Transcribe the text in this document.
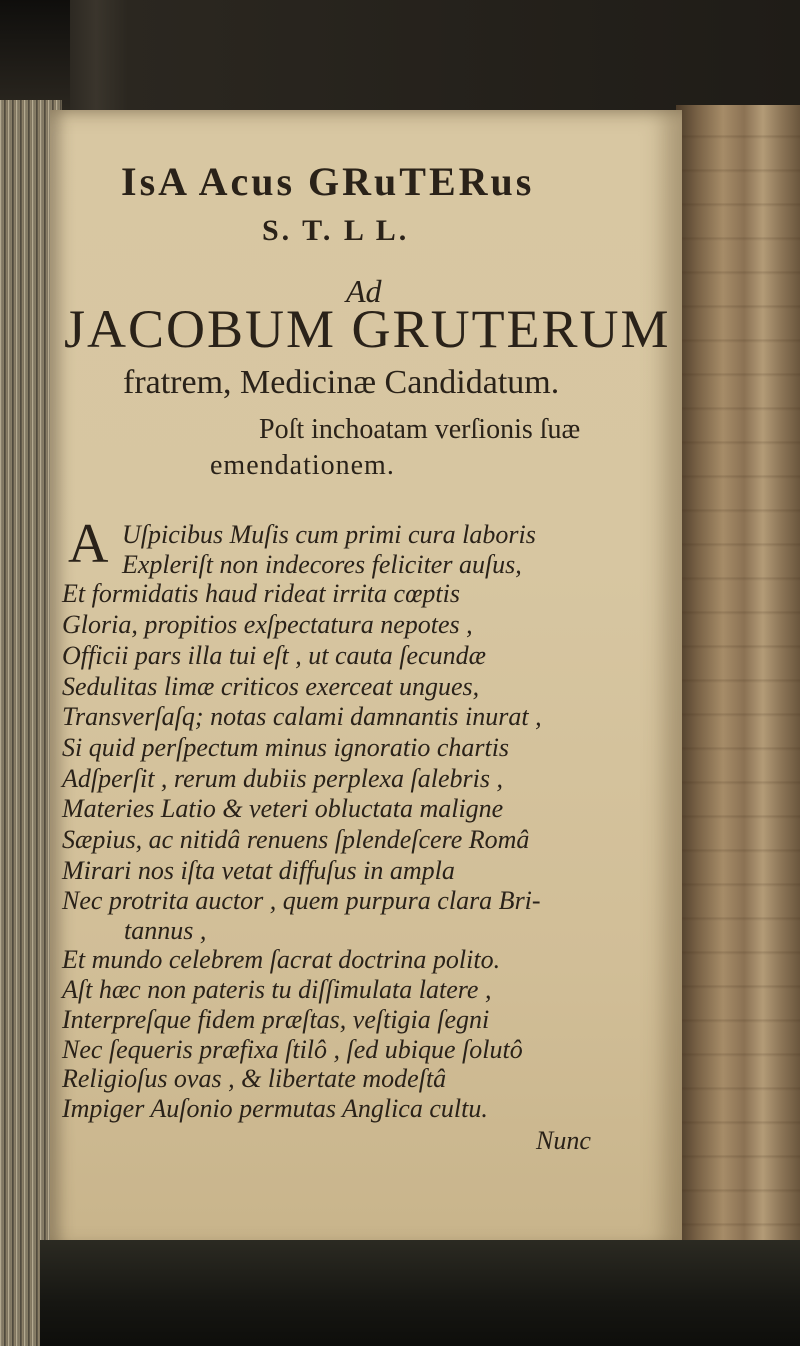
IsA Acus GRuTERus
S. T. L L.
Ad
JACOBUM GRUTERUM
fratrem, Medicinæ Candidatum.
Poſt inchoatam verſionis ſuæ
emendationem.
A Uſpicibus Muſis cum primi cura laboris
Expleriſt non indecores feliciter auſus,
Et formidatis haud rideat irrita cœptis
Gloria, propitios exſpectatura nepotes ,
Officii pars illa tui eſt , ut cauta ſecundæ
Sedulitas limæ criticos exerceat ungues,
Transverſaſq; notas calami damnantis inurat ,
Si quid perſpectum minus ignoratio chartis
Adſperſit , rerum dubiis perplexa ſalebris ,
Materies Latio & veteri obluctata maligne
Sæpius, ac nitidâ renuens ſplendeſcere Româ
Mirari nos iſta vetat diffuſus in ampla
Nec protrita auctor , quem purpura clara Bri-
tannus ,
Et mundo celebrem ſacrat doctrina polito.
Aſt hæc non pateris tu diſſimulata latere ,
Interpreſque fidem præſtas, veſtigia ſegni
Nec ſequeris præfixa ſtilô , ſed ubique ſolutô
Religioſus ovas , & libertate modeſtâ
Impiger Auſonio permutas Anglica cultu.
Nunc
